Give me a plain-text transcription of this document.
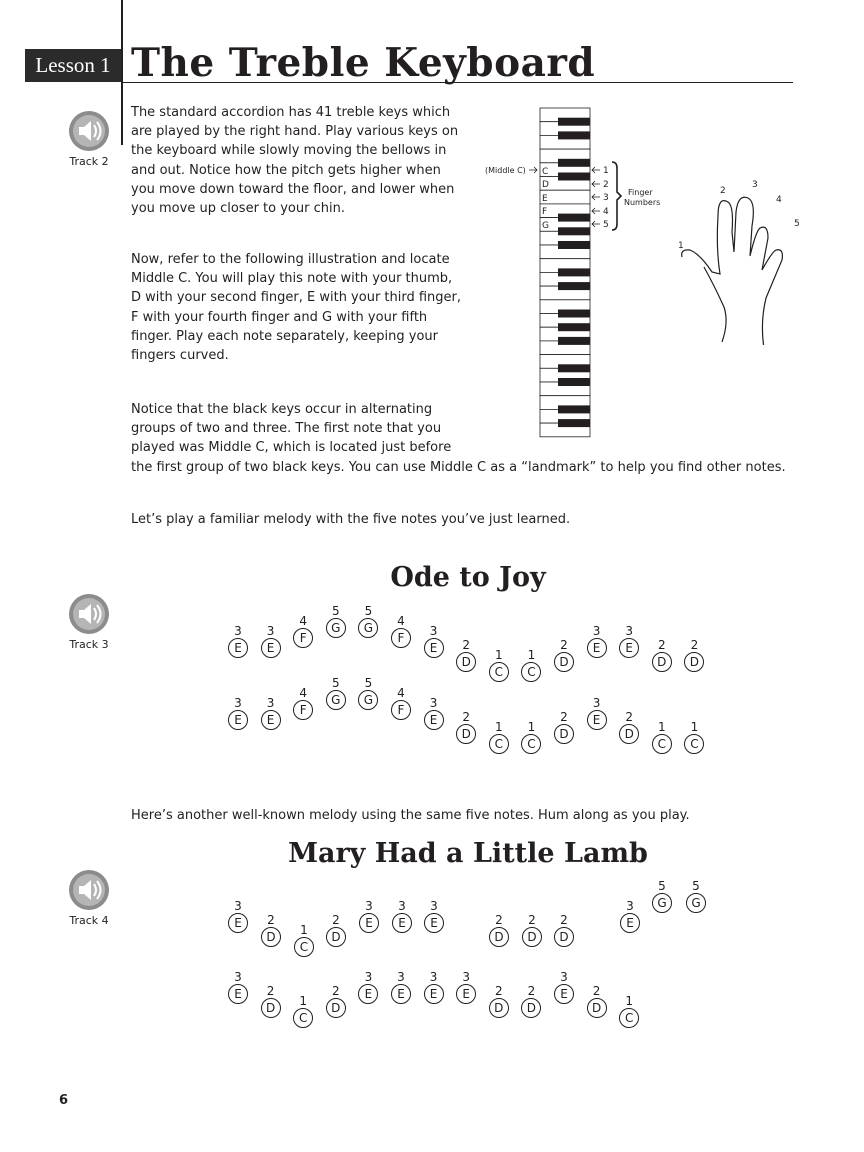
Lesson 1 The Treble Keyboard
Track 2
Track 3
Track 4

The standard accordion has 41 treble keys which
are played by the right hand. Play various keys on
the keyboard while slowly moving the bellows in
and out. Notice how the pitch gets higher when
you move down toward the floor, and lower when
you move up closer to your chin.

Now, refer to the following illustration and locate
Middle C. You will play this note with your thumb,
D with your second finger, E with your third finger,
F with your fourth finger and G with your fifth
finger. Play each note separately, keeping your
fingers curved.

Notice that the black keys occur in alternating
groups of two and three. The first note that you
played was Middle C, which is located just before
the first group of two black keys. You can use Middle C as a “landmark” to help you find other notes.

Let’s play a familiar melody with the five notes you’ve just learned.

Here’s another well-known melody using the same five notes. Hum along as you play.

(Middle C) C
D
E
F
G
1
2
3
4
5
Finger
Numbers
1
2
3
4
5
Ode to Joy
Mary Had a Little Lamb
3
E
3
E
4
F
5
G
5
G	4
F	3
E	2
D	1
C
1
C
2
D
3
E
3
E	2
D
2
D
3
E
3
E
4
F
5
G
5
G	4
F	3
E	2
D	1
C
1
C
2
D
3
E	2
D	1
C
1
C
3
E	2
D	1
C
2
D
3
E
3
E
3
E	2
D
2
D
2
D
3
E
5
G
5
G
3
E	2
D	1
C
2
D
3
E
3
E
3
E
3
E	2
D
2
D
3
E	2
D	1
C
6
